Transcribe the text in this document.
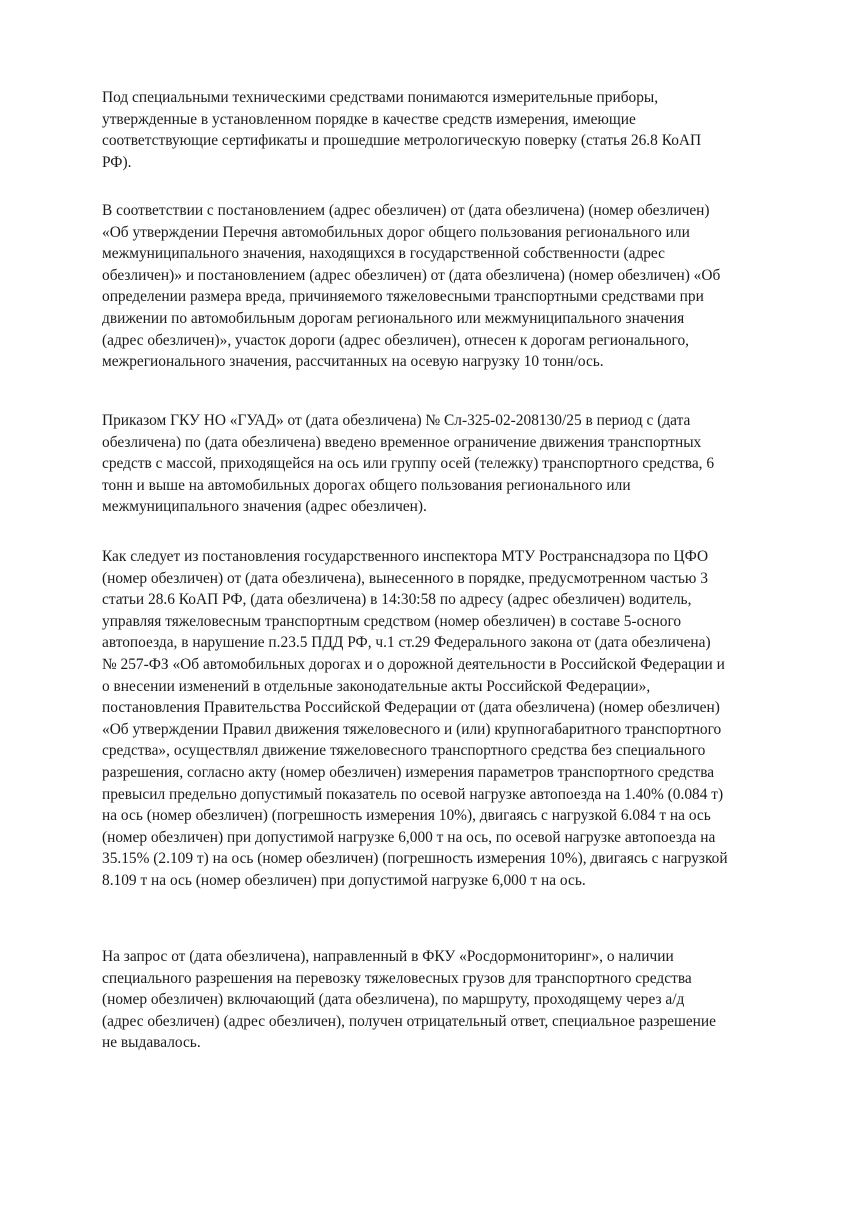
Под специальными техническими средствами понимаются измерительные приборы,
утвержденные в установленном порядке в качестве средств измерения, имеющие
соответствующие сертификаты и прошедшие метрологическую поверку (статья 26.8 КоАП
РФ).

В соответствии с постановлением (адрес обезличен) от (дата обезличена) (номер обезличен)
«Об утверждении Перечня автомобильных дорог общего пользования регионального или
межмуниципального значения, находящихся в государственной собственности (адрес
обезличен)» и постановлением (адрес обезличен) от (дата обезличена) (номер обезличен) «Об
определении размера вреда, причиняемого тяжеловесными транспортными средствами при
движении по автомобильным дорогам регионального или межмуниципального значения
(адрес обезличен)», участок дороги (адрес обезличен), отнесен к дорогам регионального,
межрегионального значения, рассчитанных на осевую нагрузку 10 тонн/ось.

Приказом ГКУ НО «ГУАД» от (дата обезличена) № Сл-325-02-208130/25 в период с (дата
обезличена) по (дата обезличена) введено временное ограничение движения транспортных
средств с массой, приходящейся на ось или группу осей (тележку) транспортного средства, 6
тонн и выше на автомобильных дорогах общего пользования регионального или
межмуниципального значения (адрес обезличен).

Как следует из постановления государственного инспектора МТУ Ространснадзора по ЦФО
(номер обезличен) от (дата обезличена), вынесенного в порядке, предусмотренном частью 3
статьи 28.6 КоАП РФ, (дата обезличена) в 14:30:58 по адресу (адрес обезличен) водитель,
управляя тяжеловесным транспортным средством (номер обезличен) в составе 5-осного
автопоезда, в нарушение п.23.5 ПДД РФ, ч.1 ст.29 Федерального закона от (дата обезличена)
№ 257-ФЗ «Об автомобильных дорогах и о дорожной деятельности в Российской Федерации и
о внесении изменений в отдельные законодательные акты Российской Федерации»,
постановления Правительства Российской Федерации от (дата обезличена) (номер обезличен)
«Об утверждении Правил движения тяжеловесного и (или) крупногабаритного транспортного
средства», осуществлял движение тяжеловесного транспортного средства без специального
разрешения, согласно акту (номер обезличен) измерения параметров транспортного средства
превысил предельно допустимый показатель по осевой нагрузке автопоезда на 1.40% (0.084 т)
на ось (номер обезличен) (погрешность измерения 10%), двигаясь с нагрузкой 6.084 т на ось
(номер обезличен) при допустимой нагрузке 6,000 т на ось, по осевой нагрузке автопоезда на
35.15% (2.109 т) на ось (номер обезличен) (погрешность измерения 10%), двигаясь с нагрузкой
8.109 т на ось (номер обезличен) при допустимой нагрузке 6,000 т на ось.

На запрос от (дата обезличена), направленный в ФКУ «Росдормониторинг», о наличии
специального разрешения на перевозку тяжеловесных грузов для транспортного средства
(номер обезличен) включающий (дата обезличена), по маршруту, проходящему через а/д
(адрес обезличен) (адрес обезличен), получен отрицательный ответ, специальное разрешение
не выдавалось.
